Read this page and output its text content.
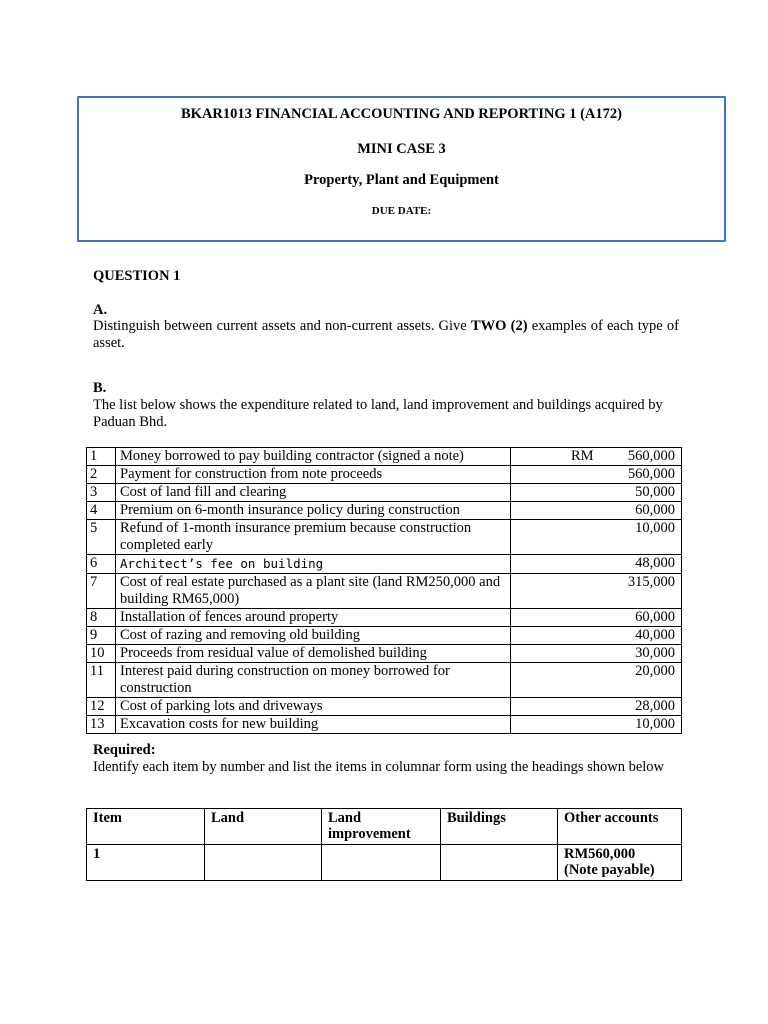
BKAR1013 FINANCIAL ACCOUNTING AND REPORTING 1 (A172)
MINI CASE 3
Property, Plant and Equipment
DUE DATE:
QUESTION 1
A.
Distinguish between current assets and non-current assets. Give TWO (2) examples of each type of asset.
B.
The list below shows the expenditure related to land, land improvement and buildings acquired by Paduan Bhd.
1	Money borrowed to pay building contractor (signed a note)	RM 560,000
2	Payment for construction from note proceeds	560,000
3	Cost of land fill and clearing	50,000
4	Premium on 6-month insurance policy during construction	60,000
5	Refund of 1-month insurance premium because construction completed early	10,000
6	Architect’s fee on building	48,000
7	Cost of real estate purchased as a plant site (land RM250,000 and building RM65,000)	315,000
8	Installation of fences around property	60,000
9	Cost of razing and removing old building	40,000
10	Proceeds from residual value of demolished building	30,000
11	Interest paid during construction on money borrowed for construction	20,000
12	Cost of parking lots and driveways	28,000
13	Excavation costs for new building	10,000
Required:
Identify each item by number and list the items in columnar form using the headings shown below
Item	Land	Land improvement	Buildings	Other accounts
1				RM560,000
(Note payable)
